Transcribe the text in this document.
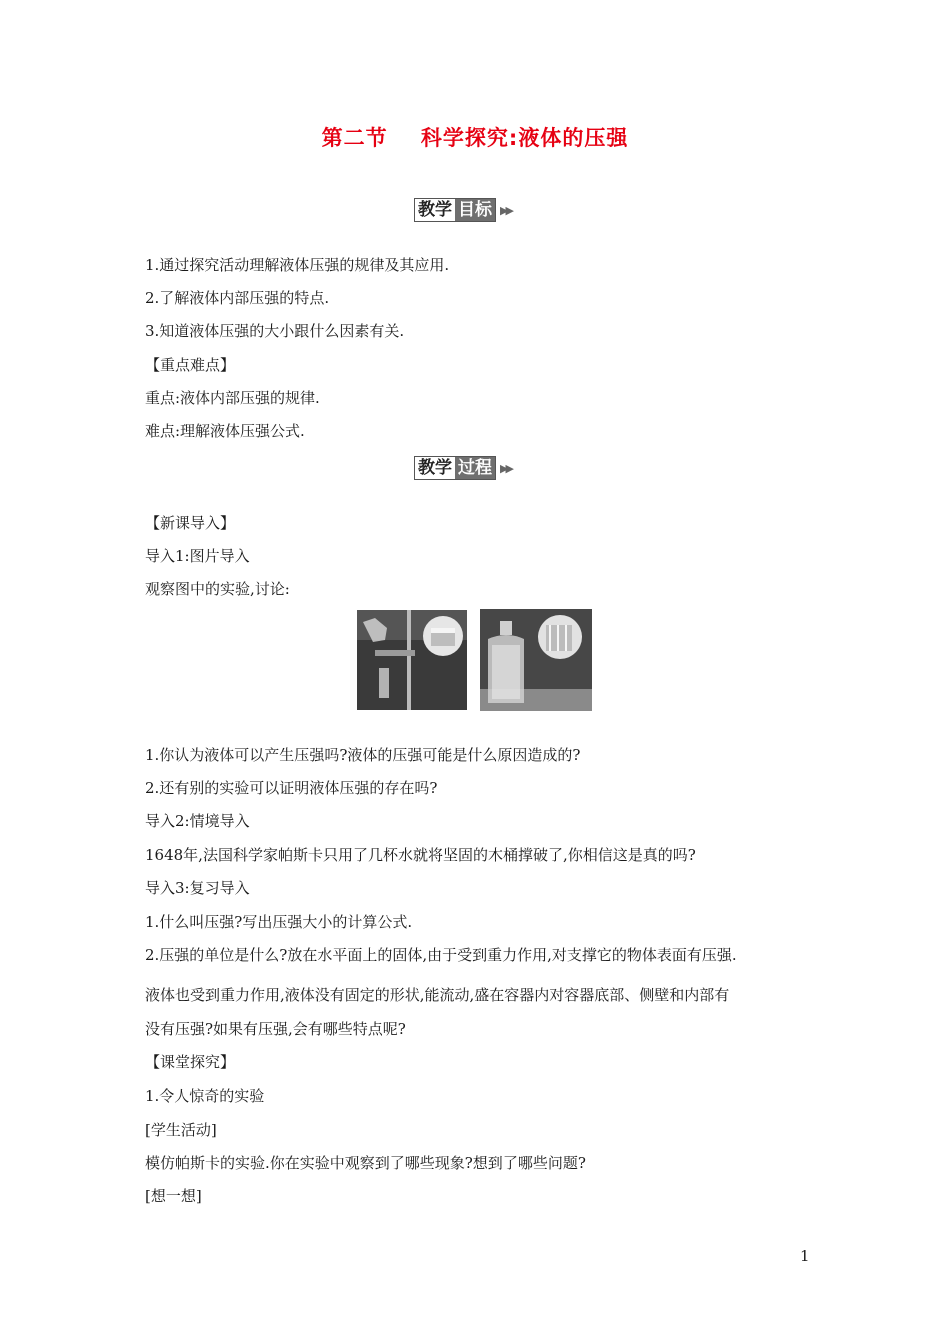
第二节    科学探究:液体的压强
教学 目标 ▶▶
1.通过探究活动理解液体压强的规律及其应用.
2.了解液体内部压强的特点.
3.知道液体压强的大小跟什么因素有关.
【重点难点】
重点:液体内部压强的规律.
难点:理解液体压强公式.
教学 过程 ▶▶
【新课导入】
导入1:图片导入
观察图中的实验,讨论:
1.你认为液体可以产生压强吗?液体的压强可能是什么原因造成的?
2.还有别的实验可以证明液体压强的存在吗?
导入2:情境导入
1648年,法国科学家帕斯卡只用了几杯水就将坚固的木桶撑破了,你相信这是真的吗?
导入3:复习导入
1.什么叫压强?写出压强大小的计算公式.
2.压强的单位是什么?放在水平面上的固体,由于受到重力作用,对支撑它的物体表面有压强.
液体也受到重力作用,液体没有固定的形状,能流动,盛在容器内对容器底部、侧壁和内部有
没有压强?如果有压强,会有哪些特点呢?
【课堂探究】
1.令人惊奇的实验
[学生活动]
模仿帕斯卡的实验.你在实验中观察到了哪些现象?想到了哪些问题?
[想一想]
1
